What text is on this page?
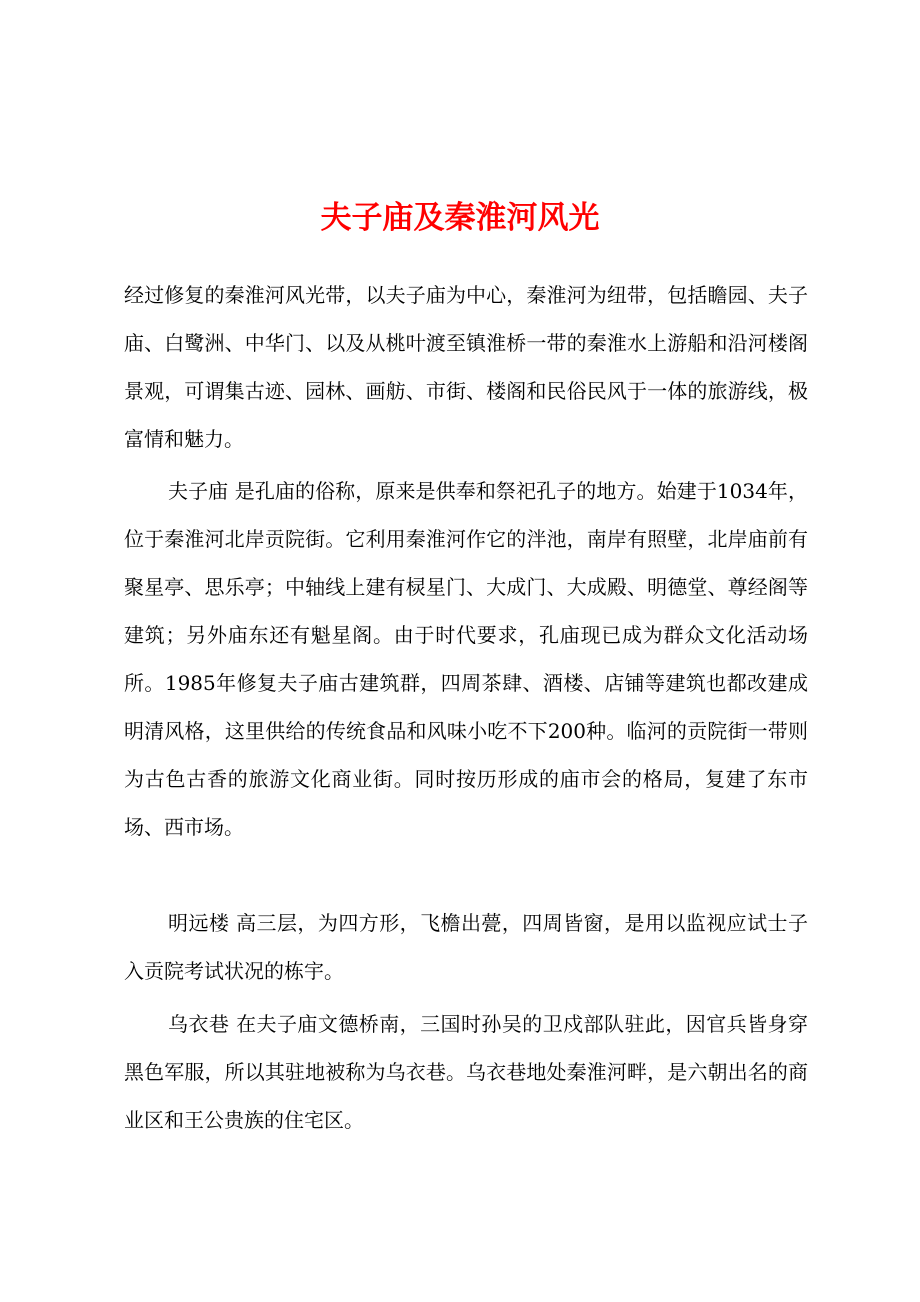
夫子庙及秦淮河风光

经过修复的秦淮河风光带，以夫子庙为中心，秦淮河为纽带，包括瞻园、夫子庙、白鹭洲、中华门、以及从桃叶渡至镇淮桥一带的秦淮水上游船和沿河楼阁景观，可谓集古迹、园林、画舫、市街、楼阁和民俗民风于一体的旅游线，极富情和魅力。

夫子庙 是孔庙的俗称，原来是供奉和祭祀孔子的地方。始建于1034年，位于秦淮河北岸贡院街。它利用秦淮河作它的泮池，南岸有照壁，北岸庙前有聚星亭、思乐亭；中轴线上建有棂星门、大成门、大成殿、明德堂、尊经阁等建筑；另外庙东还有魁星阁。由于时代要求，孔庙现已成为群众文化活动场所。1985年修复夫子庙古建筑群，四周茶肆、酒楼、店铺等建筑也都改建成明清风格，这里供给的传统食品和风味小吃不下200种。临河的贡院街一带则为古色古香的旅游文化商业街。同时按历形成的庙市会的格局，复建了东市场、西市场。

明远楼 高三层，为四方形，飞檐出甍，四周皆窗，是用以监视应试士子入贡院考试状况的栋宇。

乌衣巷 在夫子庙文德桥南，三国时孙吴的卫戍部队驻此，因官兵皆身穿黑色军服，所以其驻地被称为乌衣巷。乌衣巷地处秦淮河畔，是六朝出名的商业区和王公贵族的住宅区。
